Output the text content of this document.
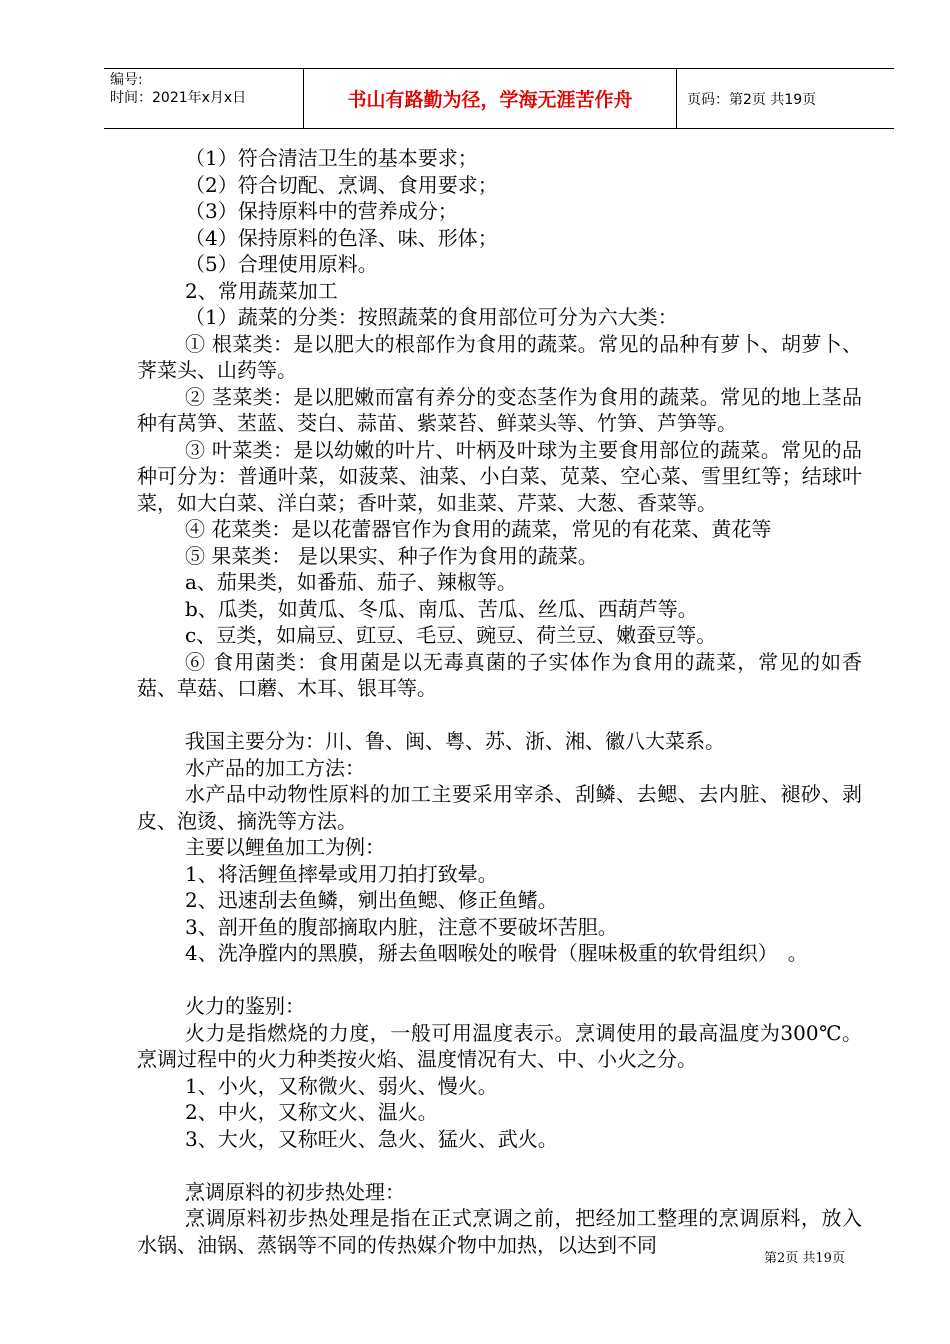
编号:
时间：2021年x月x日	书山有路勤为径，学海无涯苦作舟	页码：第2页 共19页

（1）符合清洁卫生的基本要求；

（2）符合切配、烹调、食用要求；

（3）保持原料中的营养成分；

（4）保持原料的色泽、味、形体；

（5）合理使用原料。

2、常用蔬菜加工

（1）蔬菜的分类：按照蔬菜的食用部位可分为六大类：

① 根菜类：是以肥大的根部作为食用的蔬菜。常见的品种有萝卜、胡萝卜、荠菜头、山药等。

② 茎菜类：是以肥嫩而富有养分的变态茎作为食用的蔬菜。常见的地上茎品种有莴笋、苤蓝、茭白、蒜苗、紫菜苔、鲜菜头等、竹笋、芦笋等。

③ 叶菜类：是以幼嫩的叶片、叶柄及叶球为主要食用部位的蔬菜。常见的品种可分为：普通叶菜，如菠菜、油菜、小白菜、苋菜、空心菜、雪里红等；结球叶菜，如大白菜、洋白菜；香叶菜，如韭菜、芹菜、大葱、香菜等。

④ 花菜类：是以花蕾器官作为食用的蔬菜，常见的有花菜、黄花等

⑤ 果菜类： 是以果实、种子作为食用的蔬菜。

a、茄果类，如番茄、茄子、辣椒等。

b、瓜类，如黄瓜、冬瓜、南瓜、苦瓜、丝瓜、西葫芦等。

c、豆类，如扁豆、豇豆、毛豆、豌豆、荷兰豆、嫩蚕豆等。

⑥ 食用菌类：食用菌是以无毒真菌的子实体作为食用的蔬菜，常见的如香菇、草菇、口蘑、木耳、银耳等。

我国主要分为：川、鲁、闽、粤、苏、浙、湘、徽八大菜系。

水产品的加工方法：

水产品中动物性原料的加工主要采用宰杀、刮鳞、去鳃、去内脏、褪砂、剥皮、泡烫、摘洗等方法。

主要以鲤鱼加工为例：

1、将活鲤鱼摔晕或用刀拍打致晕。

2、迅速刮去鱼鳞，剜出鱼鳃、修正鱼鳍。

3、剖开鱼的腹部摘取内脏，注意不要破坏苦胆。

4、洗净膛内的黑膜，掰去鱼咽喉处的喉骨（腥味极重的软骨组织）　。

火力的鉴别：

火力是指燃烧的力度，一般可用温度表示。烹调使用的最高温度为300℃。烹调过程中的火力种类按火焰、温度情况有大、中、小火之分。

1、小火，又称微火、弱火、慢火。

2、中火，又称文火、温火。

3、大火，又称旺火、急火、猛火、武火。

烹调原料的初步热处理：

烹调原料初步热处理是指在正式烹调之前，把经加工整理的烹调原料，放入水锅、油锅、蒸锅等不同的传热媒介物中加热，以达到不同

第2页 共19页
